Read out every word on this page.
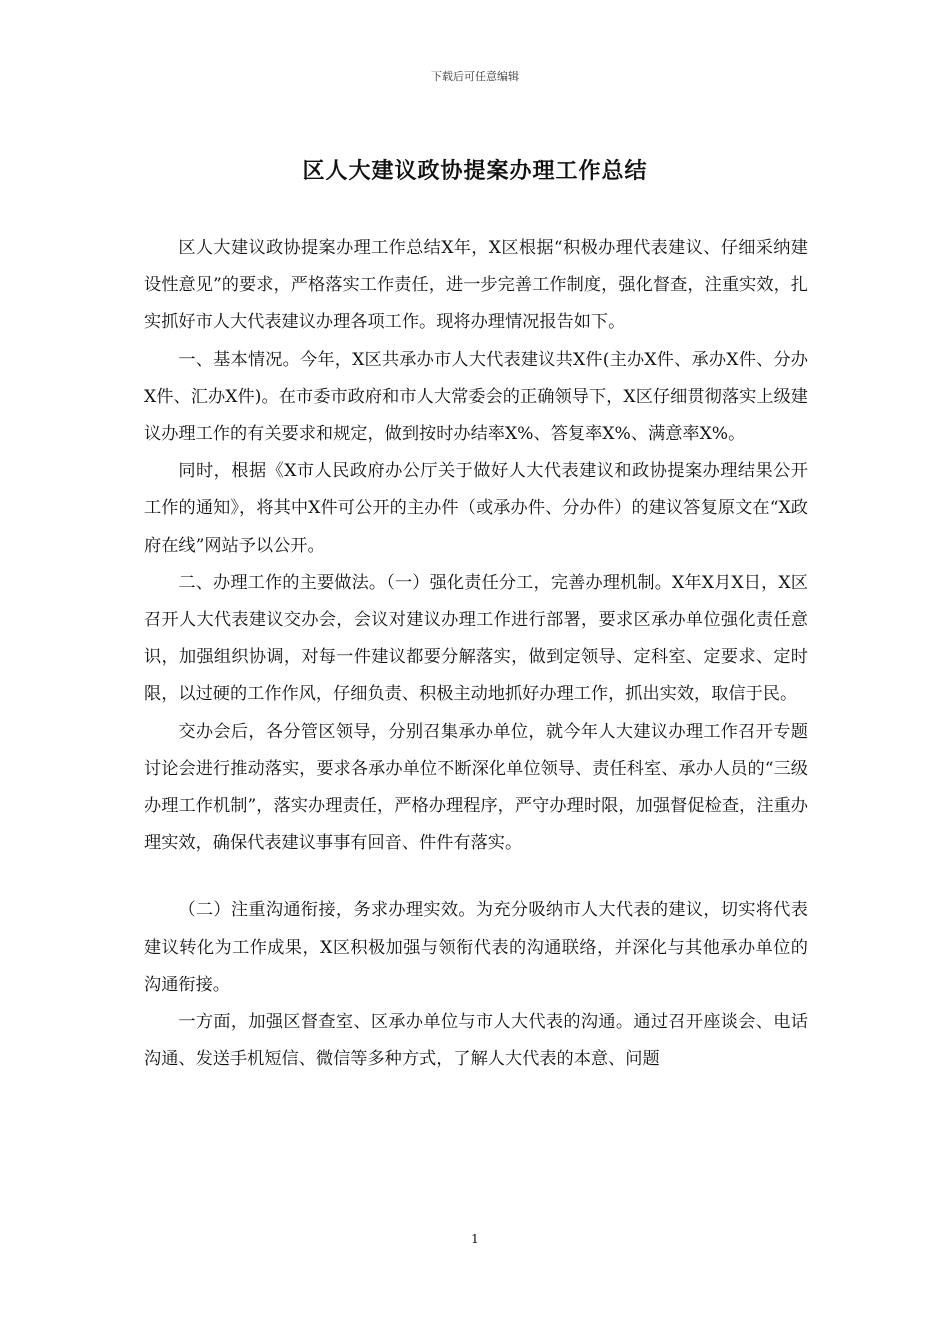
下载后可任意编辑
区人大建议政协提案办理工作总结

区人大建议政协提案办理工作总结X年，X区根据“积极办理代表建议、仔细采纳建设性意见”的要求，严格落实工作责任，进一步完善工作制度，强化督查，注重实效，扎实抓好市人大代表建议办理各项工作。现将办理情况报告如下。

一、基本情况。今年，X区共承办市人大代表建议共X件(主办X件、承办X件、分办X件、汇办X件)。在市委市政府和市人大常委会的正确领导下，X区仔细贯彻落实上级建议办理工作的有关要求和规定，做到按时办结率X%、答复率X%、满意率X%。

同时，根据《X市人民政府办公厅关于做好人大代表建议和政协提案办理结果公开工作的通知》，将其中X件可公开的主办件（或承办件、分办件）的建议答复原文在“X政府在线”网站予以公开。

二、办理工作的主要做法。（一）强化责任分工，完善办理机制。X年X月X日，X区召开人大代表建议交办会，会议对建议办理工作进行部署，要求区承办单位强化责任意识，加强组织协调，对每一件建议都要分解落实，做到定领导、定科室、定要求、定时限，以过硬的工作作风，仔细负责、积极主动地抓好办理工作，抓出实效，取信于民。

交办会后，各分管区领导，分别召集承办单位，就今年人大建议办理工作召开专题讨论会进行推动落实，要求各承办单位不断深化单位领导、责任科室、承办人员的“三级办理工作机制”，落实办理责任，严格办理程序，严守办理时限，加强督促检查，注重办理实效，确保代表建议事事有回音、件件有落实。

（二）注重沟通衔接，务求办理实效。为充分吸纳市人大代表的建议，切实将代表建议转化为工作成果，X区积极加强与领衔代表的沟通联络，并深化与其他承办单位的沟通衔接。

一方面，加强区督查室、区承办单位与市人大代表的沟通。通过召开座谈会、电话沟通、发送手机短信、微信等多种方式，了解人大代表的本意、问题

1
